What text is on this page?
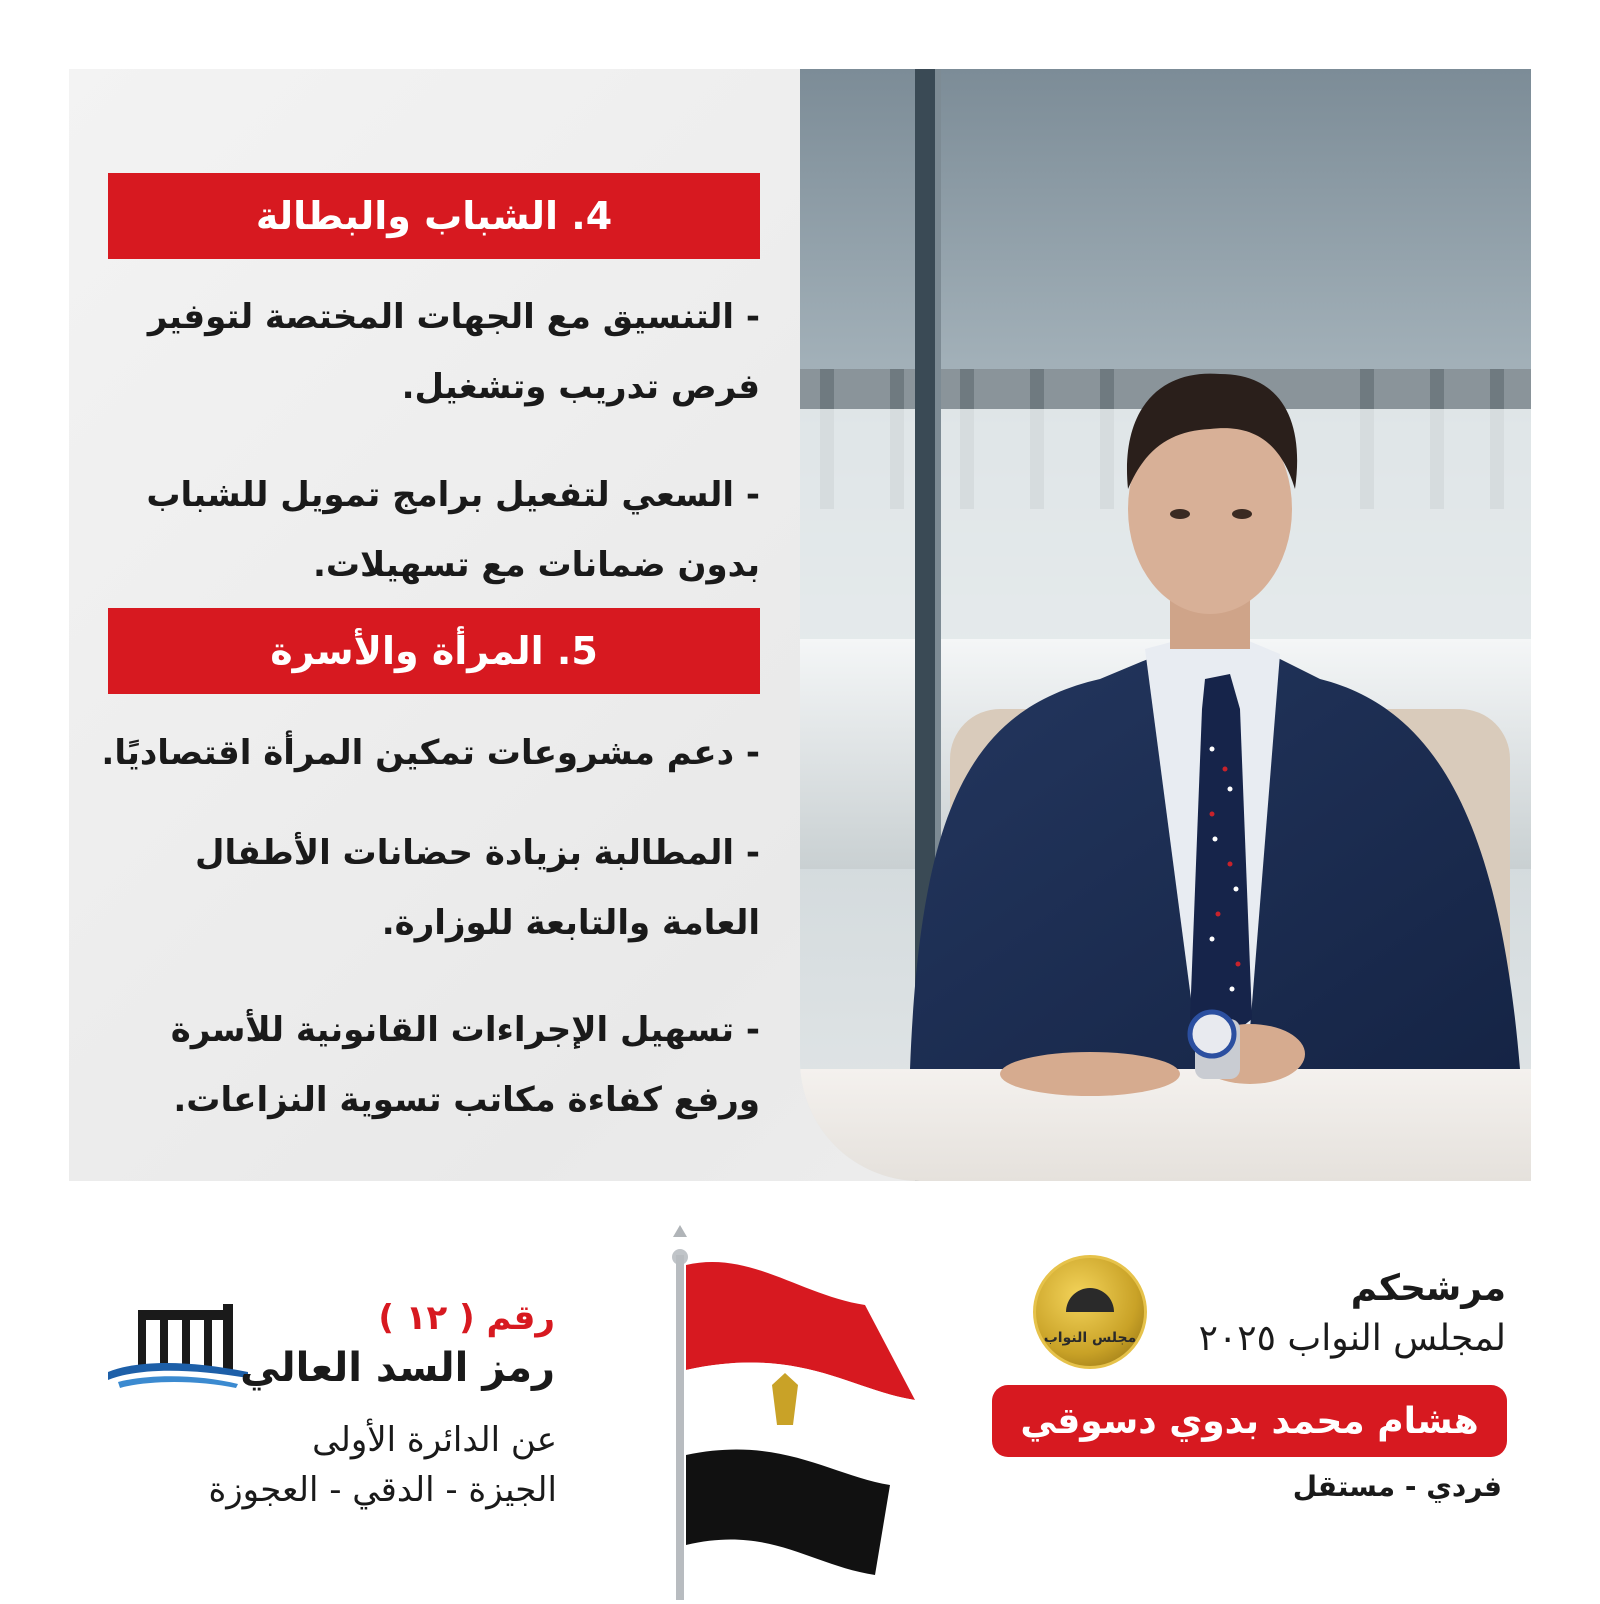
4. الشباب والبطالة
- التنسيق مع الجهات المختصة لتوفير فرص تدريب وتشغيل.
- السعي لتفعيل برامج تمويل للشباب بدون ضمانات مع تسهيلات.
5. المرأة والأسرة
- دعم مشروعات تمكين المرأة اقتصاديًا.
- المطالبة بزيادة حضانات الأطفال العامة والتابعة للوزارة.
- تسهيل الإجراءات القانونية للأسرة ورفع كفاءة مكاتب تسوية النزاعات.
مجلس النواب
مرشحكم
لمجلس النواب ٢٠٢٥
هشام محمد بدوي دسوقي
فردي - مستقل
رقم ( ١٢ )
رمز السد العالي
عن الدائرة الأولى
الجيزة - الدقي - العجوزة
